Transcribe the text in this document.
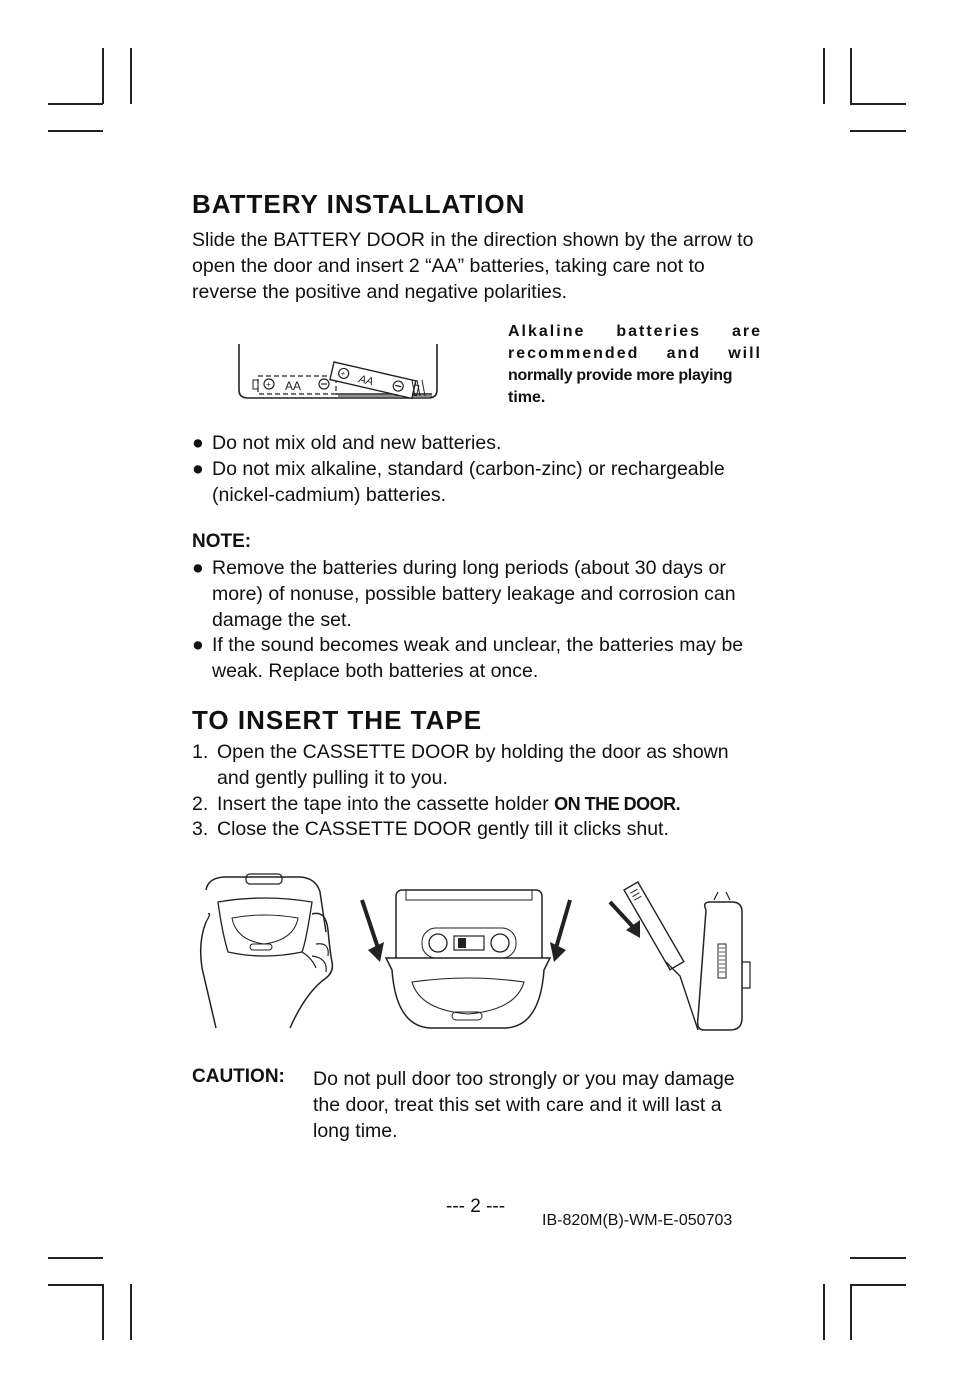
BATTERY INSTALLATION

Slide the BATTERY DOOR in the direction shown by the arrow to open the door and insert 2 “AA” batteries, taking care not to reverse the positive and negative polarities.

+ AA
+ AA
Alkaline batteries are
recommended and will
normally provide more playing
time.
● Do not mix old and new batteries.
● Do not mix alkaline, standard (carbon-zinc) or rechargeable (nickel-cadmium) batteries.
NOTE:
● Remove the batteries during long periods (about 30 days or more) of nonuse, possible battery leakage and corrosion can damage the set.
● If the sound becomes weak and unclear, the batteries may be weak. Replace both batteries at once.
TO INSERT THE TAPE
1. Open the CASSETTE DOOR by holding the door as shown and gently pulling it to you.
2. Insert the tape into the cassette holder ON THE DOOR.
3. Close the CASSETTE DOOR gently till it clicks shut.
CAUTION: Do not pull door too strongly or you may damage the door, treat this set with care and it will last a long time.
--- 2 ---
IB-820M(B)-WM-E-050703
